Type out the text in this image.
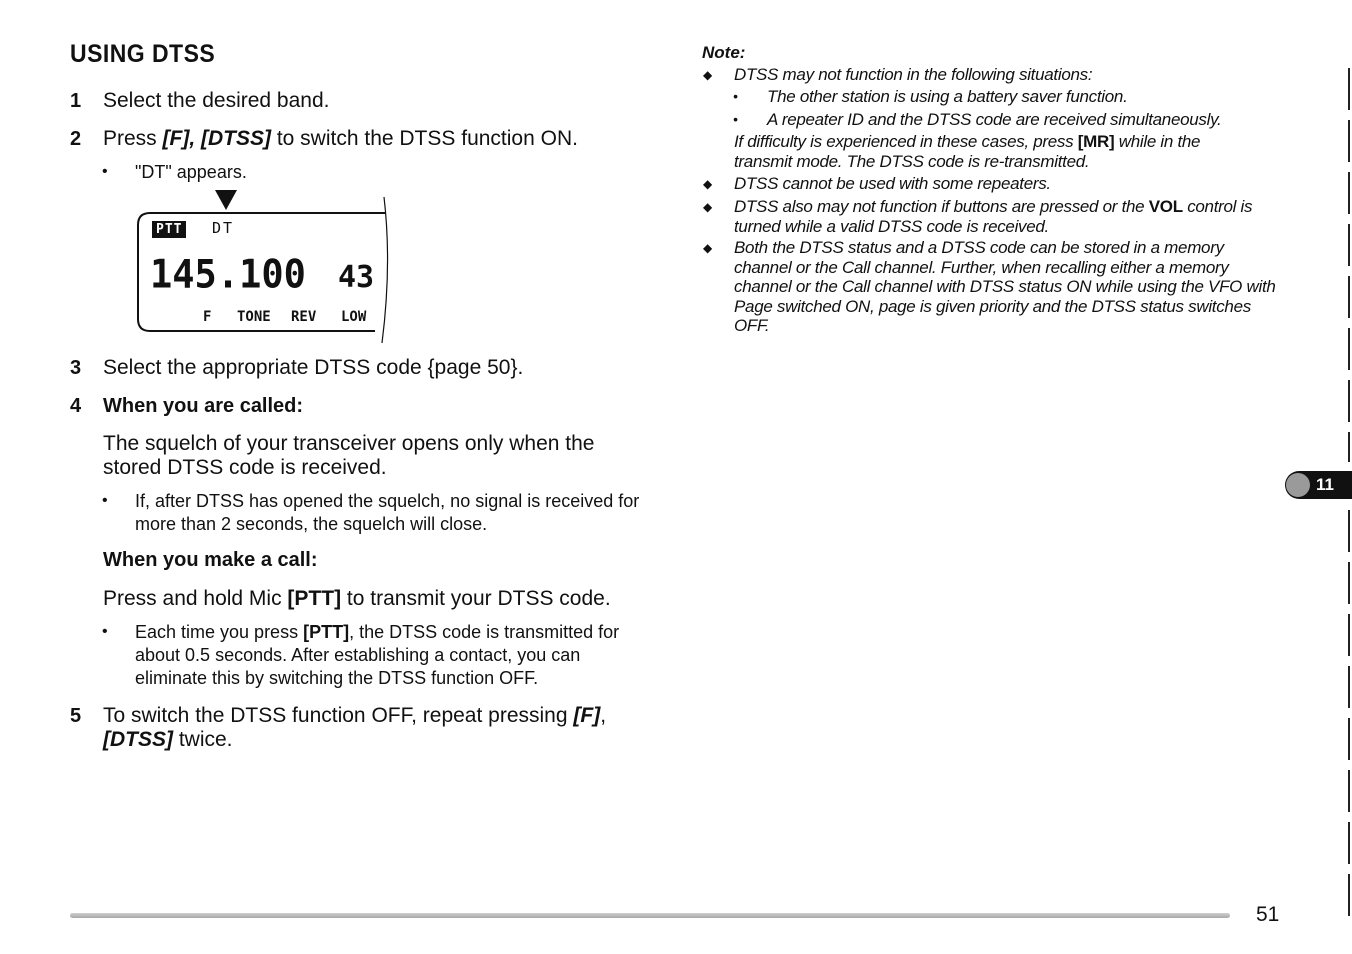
USING DTSS
1 Select the desired band.
2 Press [F], [DTSS] to switch the DTSS function ON.
• "DT" appears.
PTT DT
145.100 43
F TONE REV LOW
3 Select the appropriate DTSS code {page 50}.
4 When you are called:
The squelch of your transceiver opens only when the stored DTSS code is received.
• If, after DTSS has opened the squelch, no signal is received for more than 2 seconds, the squelch will close.
When you make a call:
Press and hold Mic [PTT] to transmit your DTSS code.
• Each time you press [PTT], the DTSS code is transmitted for about 0.5 seconds. After establishing a contact, you can eliminate this by switching the DTSS function OFF.
5 To switch the DTSS function OFF, repeat pressing [F], [DTSS] twice.
Note:
◆ DTSS may not function in the following situations:
• The other station is using a battery saver function.
• A repeater ID and the DTSS code are received simultaneously.
If difficulty is experienced in these cases, press [MR] while in the transmit mode. The DTSS code is re-transmitted.
◆ DTSS cannot be used with some repeaters.
◆ DTSS also may not function if buttons are pressed or the VOL control is turned while a valid DTSS code is received.
◆ Both the DTSS status and a DTSS code can be stored in a memory channel or the Call channel. Further, when recalling either a memory channel or the Call channel with DTSS status ON while using the VFO with Page switched ON, page is given priority and the DTSS status switches OFF.
11
51
